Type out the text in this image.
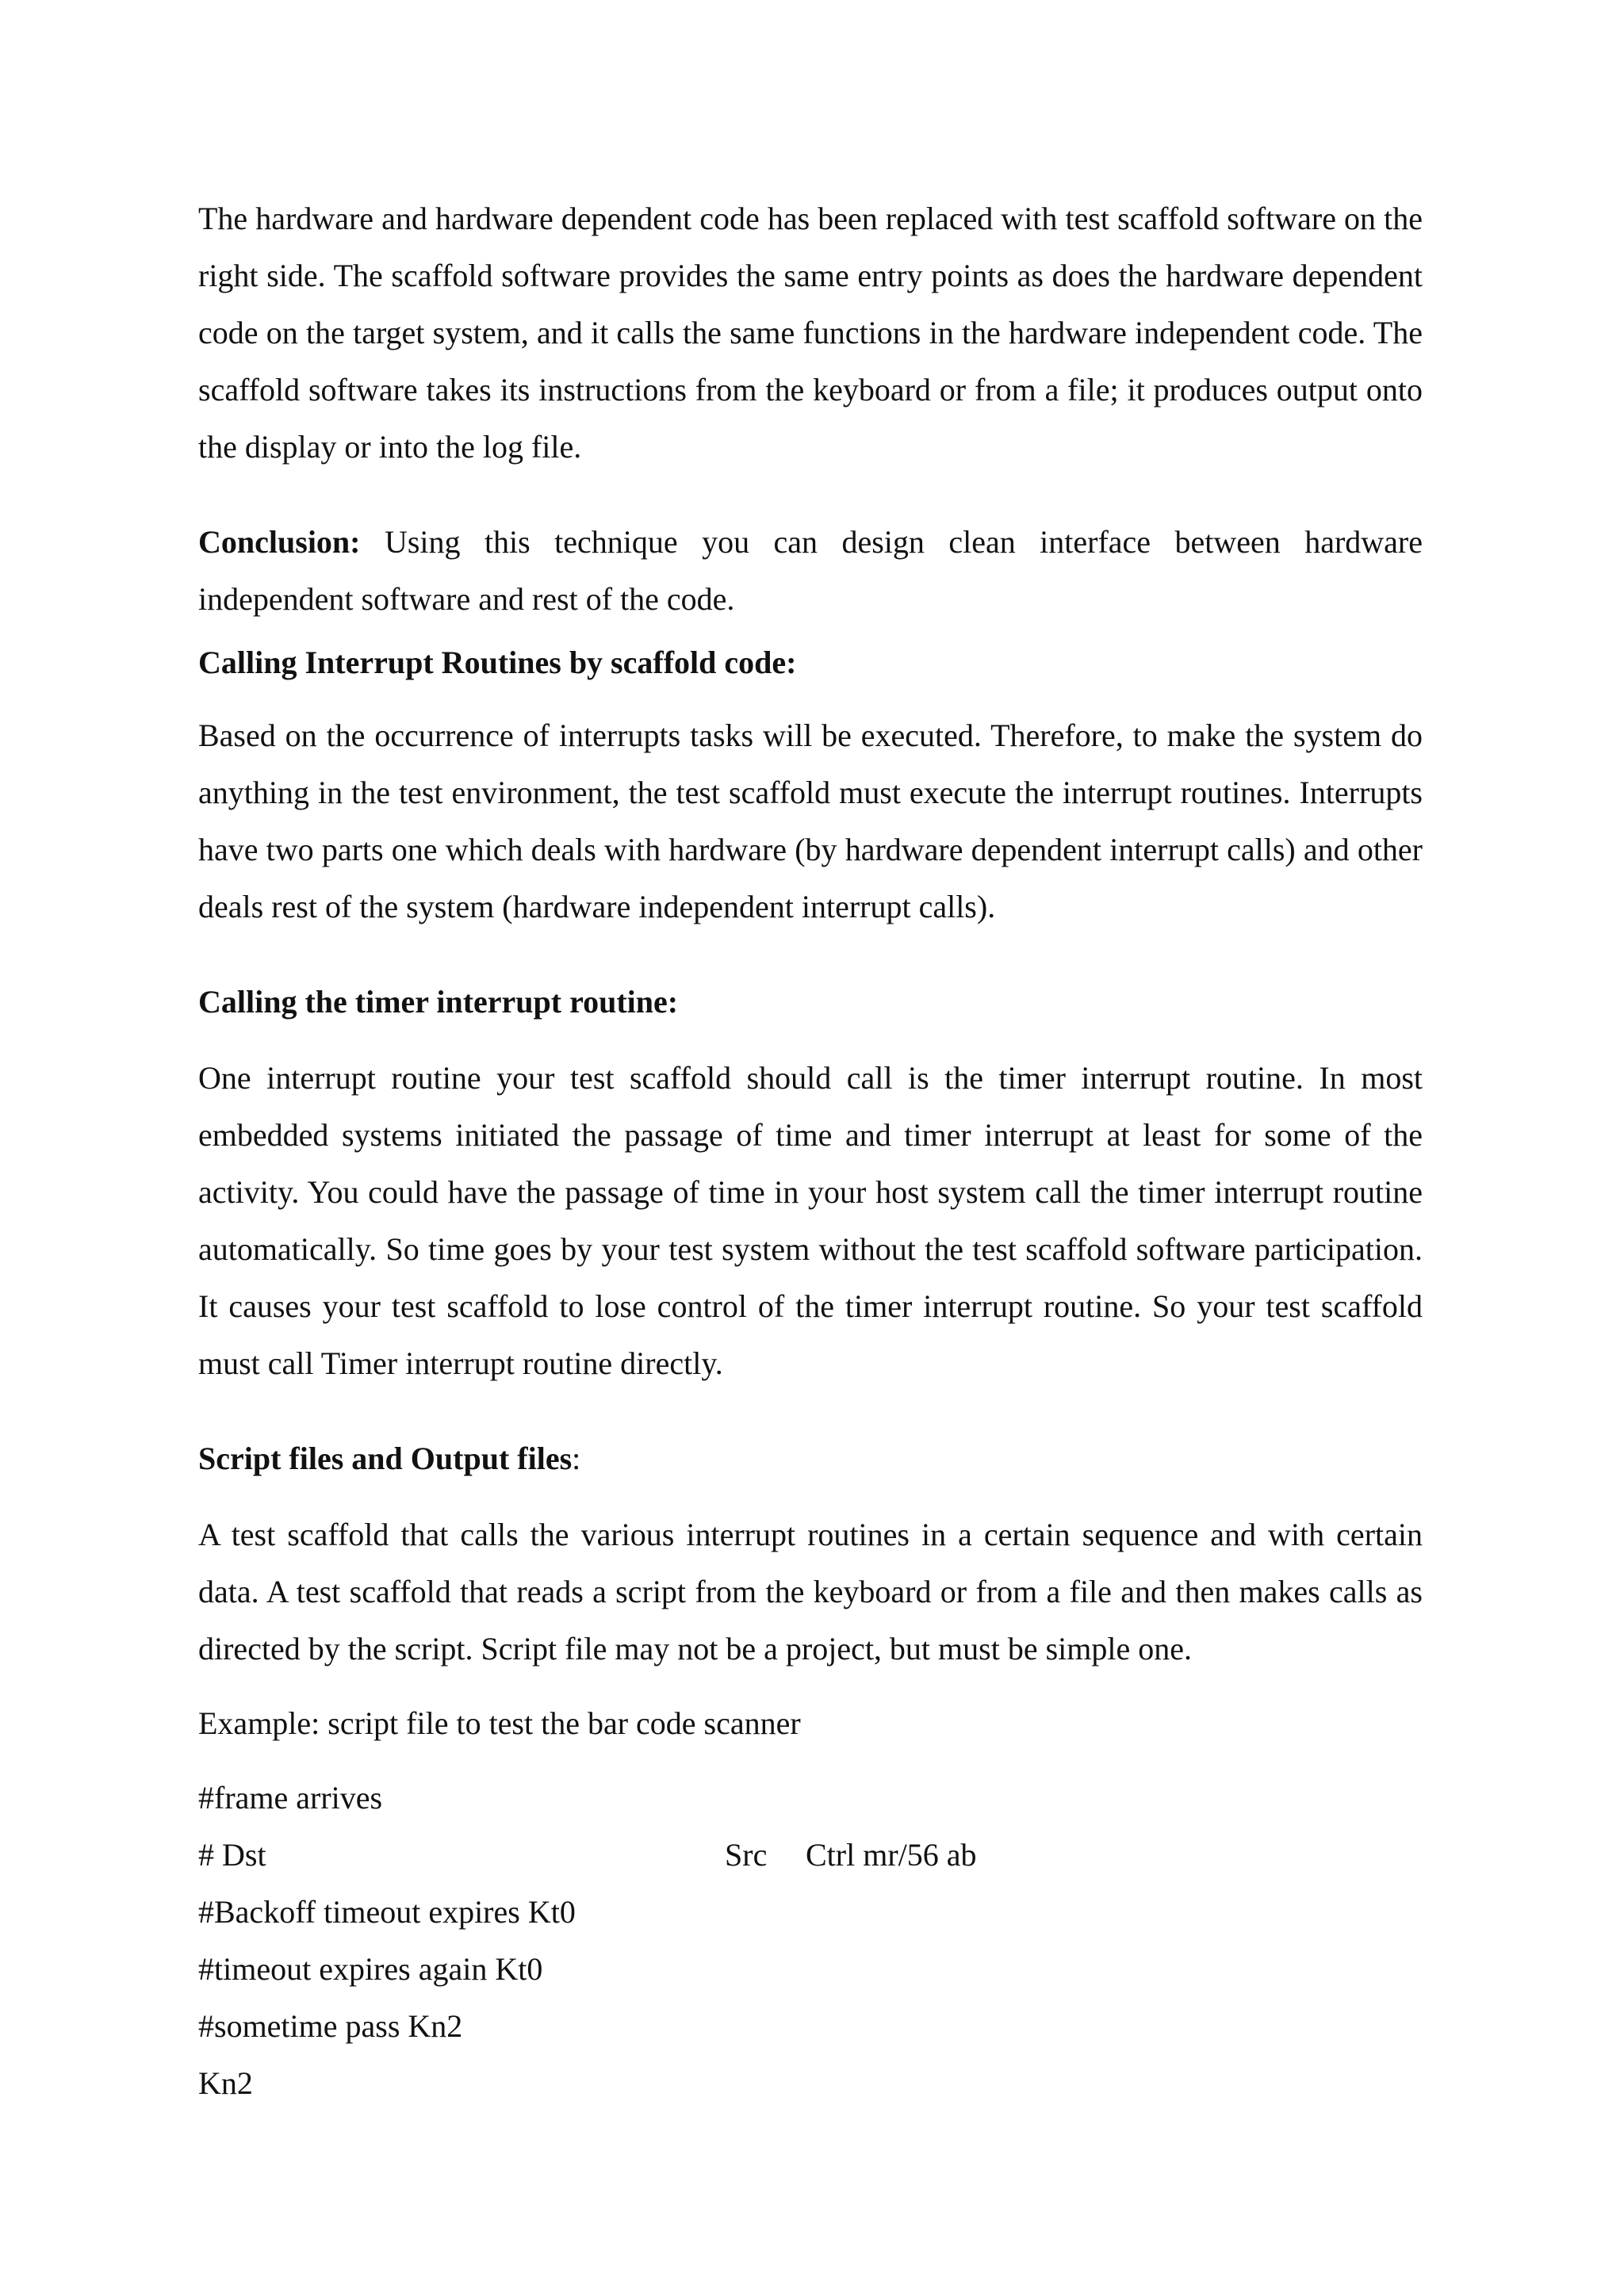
The hardware and hardware dependent code has been replaced with test scaffold software on the right side. The scaffold software provides the same entry points as does the hardware dependent code on the target system, and it calls the same functions in the hardware independent code. The scaffold software takes its instructions from the keyboard or from a file; it produces output onto the display or into the log file.

Conclusion: Using this technique you can design clean interface between hardware independent software and rest of the code.

Calling Interrupt Routines by scaffold code:

Based on the occurrence of interrupts tasks will be executed. Therefore, to make the system do anything in the test environment, the test scaffold must execute the interrupt routines. Interrupts have two parts one which deals with hardware (by hardware dependent interrupt calls) and other deals rest of the system (hardware independent interrupt calls).

Calling the timer interrupt routine:

One interrupt routine your test scaffold should call is the timer interrupt routine. In most embedded systems initiated the passage of time and timer interrupt at least for some of the activity. You could have the passage of time in your host system call the timer interrupt routine automatically. So time goes by your test system without the test scaffold software participation. It causes your test scaffold to lose control of the timer interrupt routine. So your test scaffold must call Timer interrupt routine directly.

Script files and Output files:

A test scaffold that calls the various interrupt routines in a certain sequence and with certain data. A test scaffold that reads a script from the keyboard or from a file and then makes calls as directed by the script. Script file may not be a project, but must be simple one.

Example: script file to test the bar code scanner

#frame arrives

# Dst	Src Ctrl mr/56 ab

#Backoff timeout expires Kt0

#timeout expires again Kt0

#sometime pass Kn2

Kn2
